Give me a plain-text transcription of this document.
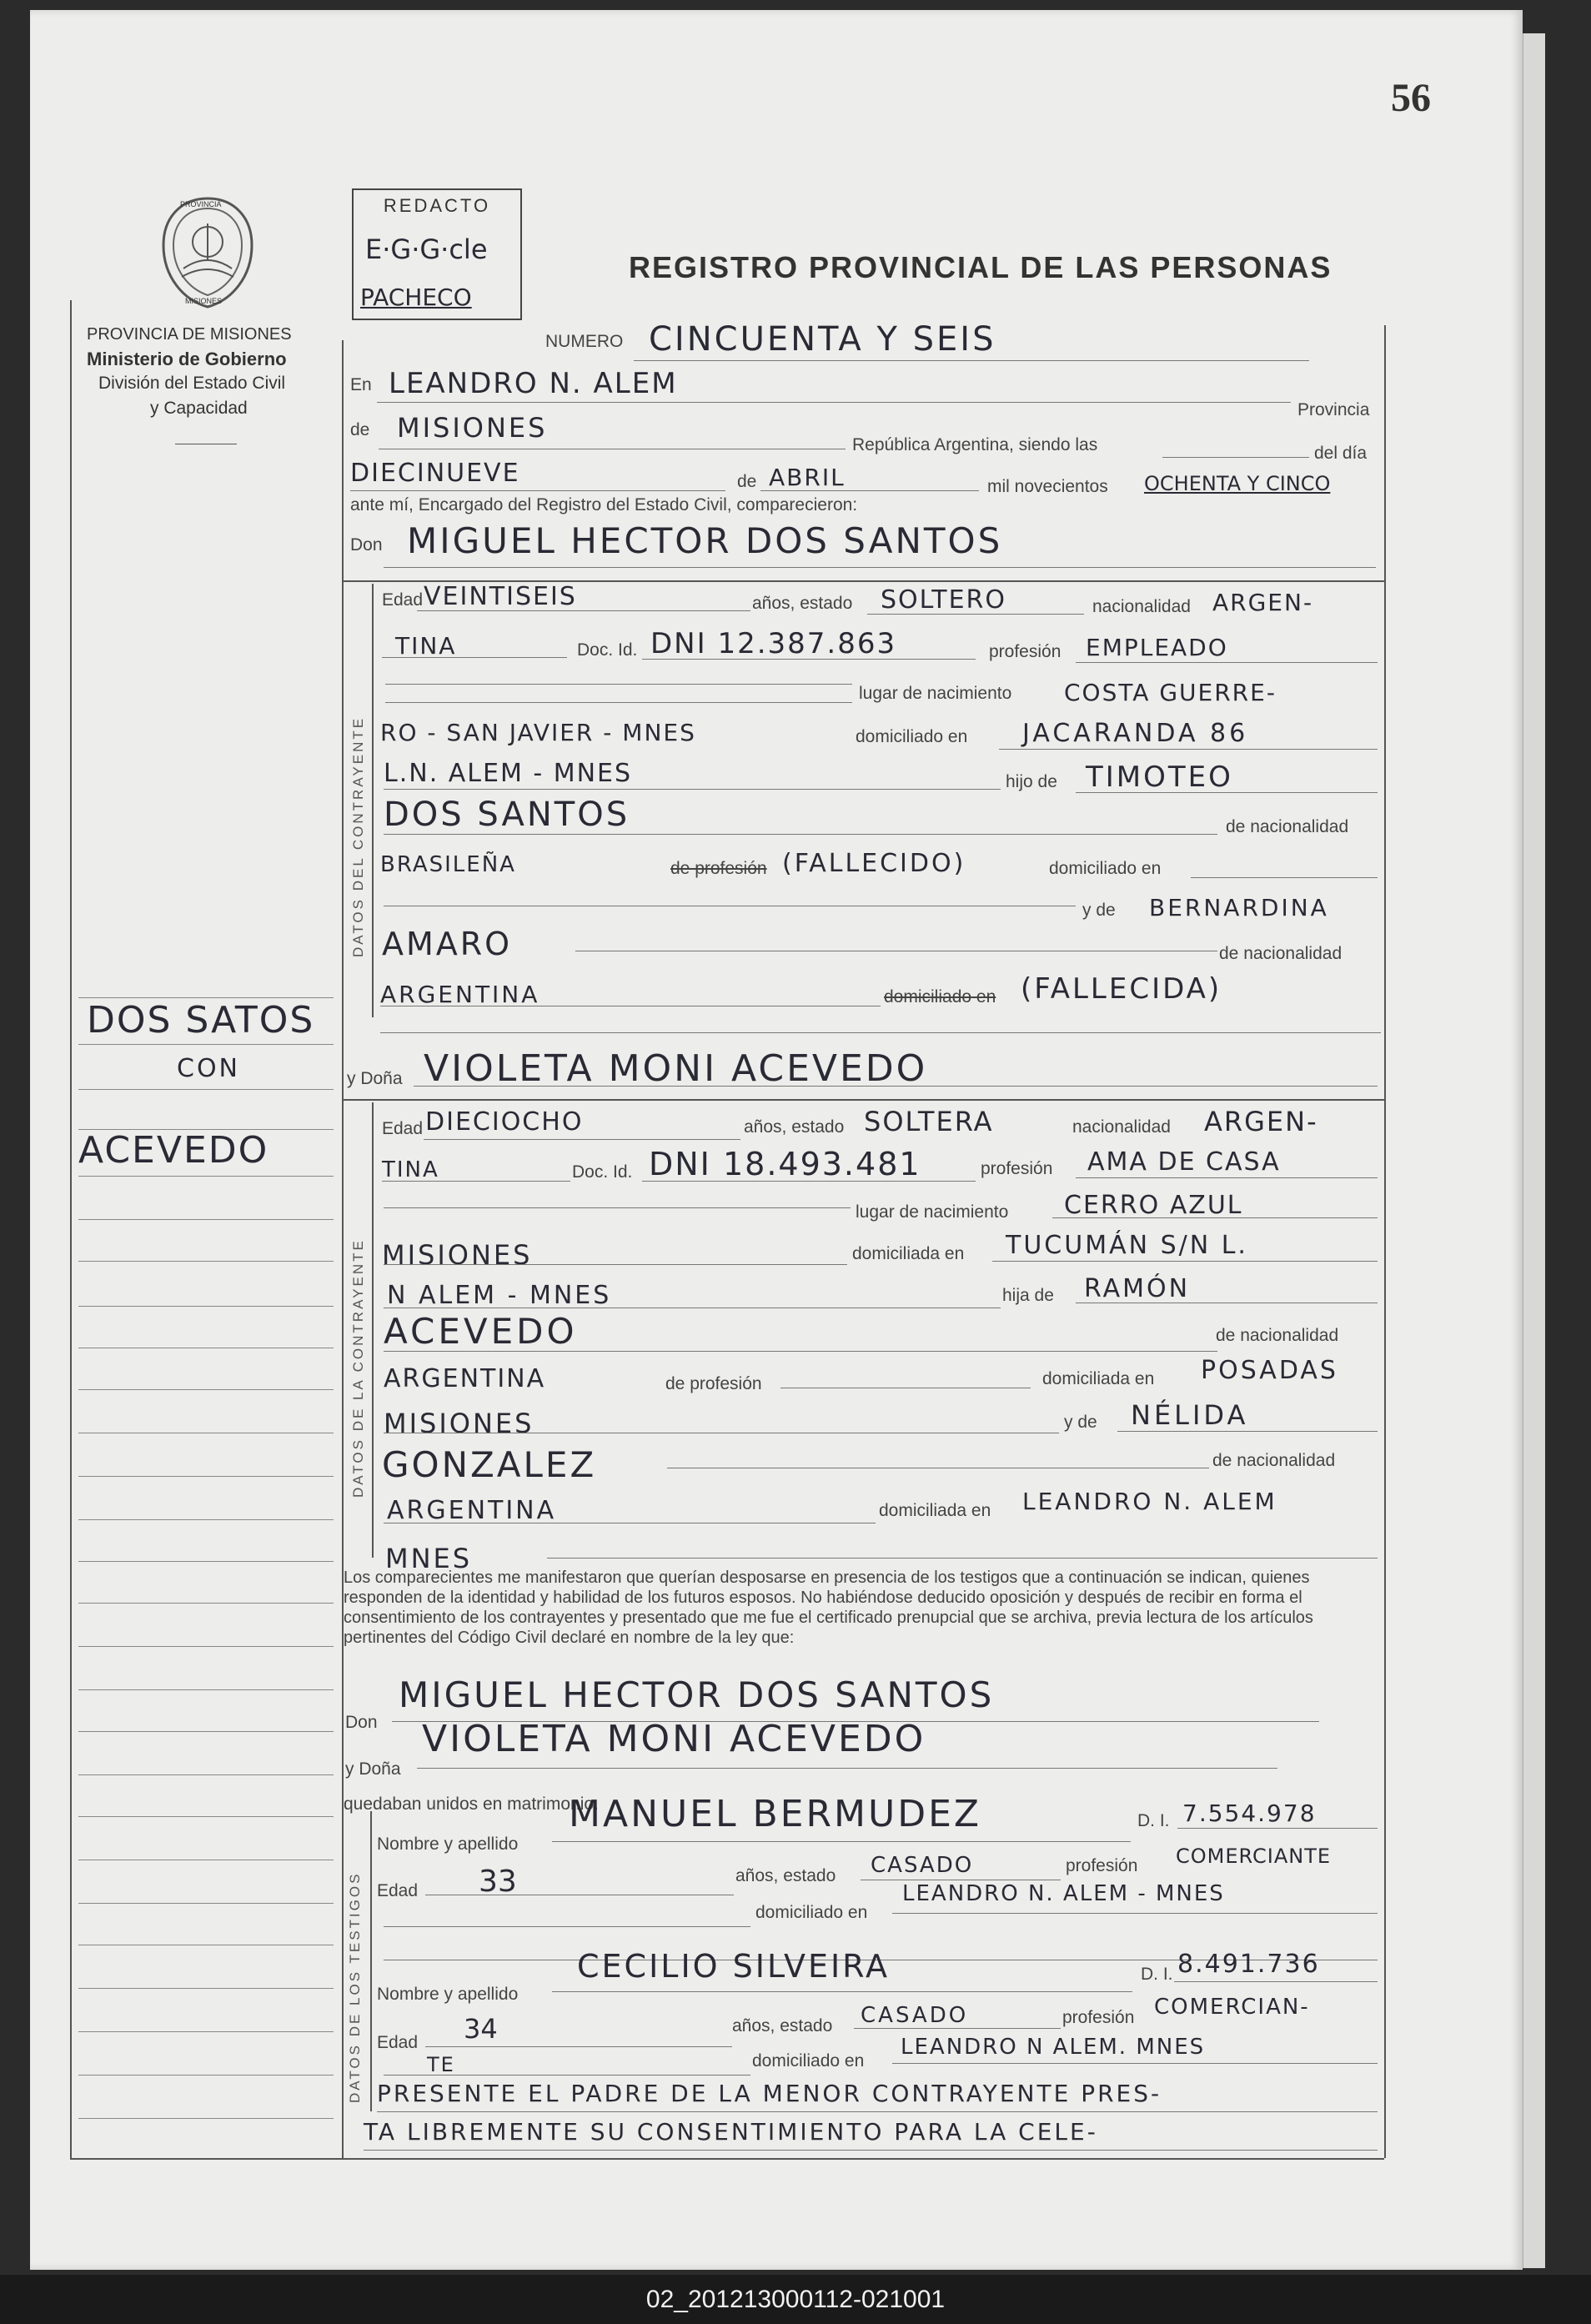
56
PROVINCIA
MISIONES
PROVINCIA DE MISIONES
Ministerio de Gobierno
División del Estado Civil
y Capacidad
REDACTO
E·G·G·cle
PACHECO
REGISTRO PROVINCIAL DE LAS PERSONAS
NUMERO CINCUENTA Y SEIS
En LEANDRO N. ALEM
Provincia
de MISIONES
República Argentina, siendo las	del día
DIECINUEVE	de ABRIL	mil novecientos OCHENTA Y CINCO
ante mí, Encargado del Registro del Estado Civil, comparecieron:
Don MIGUEL HECTOR DOS SANTOS
DATOS DEL CONTRAYENTE
Edad VEINTISEIS	años, estado SOLTERO	nacionalidad ARGEN-
TINA	Doc. Id. DNI 12.387.863	profesión EMPLEADO
lugar de nacimiento COSTA GUERRE-
RO - SAN JAVIER - MNES	domiciliado en JACARANDA 86
L.N. ALEM - MNES	hijo de TIMOTEO
DOS SANTOS	de nacionalidad
BRASILEÑA	de profesión (FALLECIDO)	domiciliado en
y de BERNARDINA
AMARO	de nacionalidad
ARGENTINA	domiciliado en (FALLECIDA)
DOS SATOS
CON
ACEVEDO
y Doña VIOLETA MONI ACEVEDO
DATOS DE LA CONTRAYENTE
Edad DIECIOCHO	años, estado SOLTERA	nacionalidad ARGEN-
TINA	Doc. Id. DNI 18.493.481	profesión AMA DE CASA
lugar de nacimiento CERRO AZUL
MISIONES	domiciliada en TUCUMÁN S/N L.
N ALEM - MNES	hija de RAMÓN
ACEVEDO	de nacionalidad
ARGENTINA	de profesión	domiciliada en POSADAS
MISIONES	y de NÉLIDA
GONZALEZ	de nacionalidad
ARGENTINA	domiciliada en LEANDRO N. ALEM
MNES
Los comparecientes me manifestaron que querían desposarse en presencia de los testigos que a continuación se indican, quienes responden de la identidad y habilidad de los futuros esposos. No habiéndose deducido oposición y después de recibir en forma el consentimiento de los contrayentes y presentado que me fue el certificado prenupcial que se archiva, previa lectura de los artículos pertinentes del Código Civil declaré en nombre de la ley que:
Don
MIGUEL HECTOR DOS SANTOS
y Doña
VIOLETA MONI ACEVEDO
quedaban unidos en matrimonio.
DATOS DE LOS TESTIGOS
Nombre y apellido
MANUEL BERMUDEZ	D. I. 7.554.978
Edad 33	años, estado CASADO	profesión COMERCIANTE
domiciliado en
LEANDRO N. ALEM - MNES
Nombre y apellido
CECILIO SILVEIRA	D. I. 8.491.736
Edad 34	años, estado CASADO	profesión COMERCIAN-
TE	domiciliado en
LEANDRO N ALEM. MNES
PRESENTE EL PADRE DE LA MENOR CONTRAYENTE PRES-
TA LIBREMENTE SU CONSENTIMIENTO PARA LA CELE-
02_201213000112-021001
